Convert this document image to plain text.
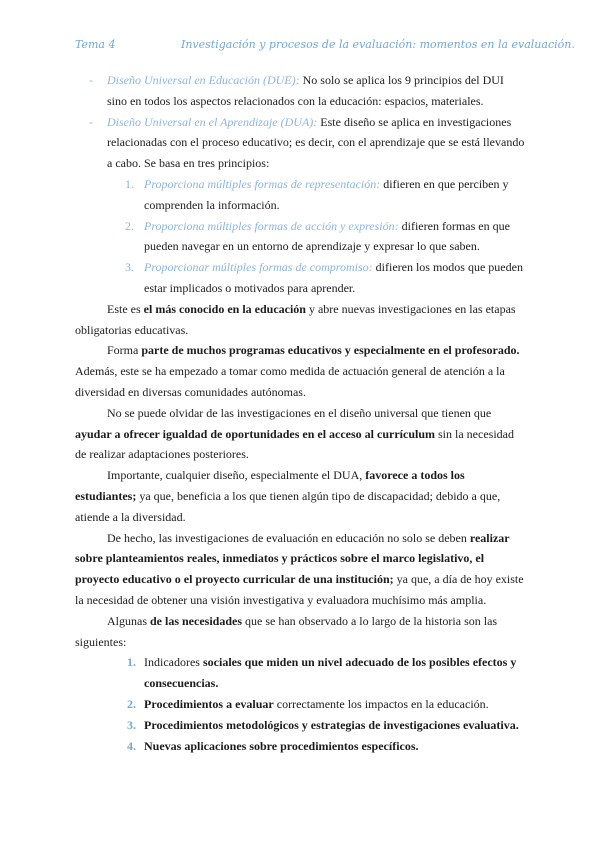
Tema 4	Investigación y procesos de la evaluación: momentos en la evaluación.

- Diseño Universal en Educación (DUE): No solo se aplica los 9 principios del DUI sino en todos los aspectos relacionados con la educación: espacios, materiales.

- Diseño Universal en el Aprendizaje (DUA): Este diseño se aplica en investigaciones relacionadas con el proceso educativo; es decir, con el aprendizaje que se está llevando a cabo. Se basa en tres principios:

1. Proporciona múltiples formas de representación: difieren en que perciben y comprenden la información.

2. Proporciona múltiples formas de acción y expresión: difieren formas en que pueden navegar en un entorno de aprendizaje y expresar lo que saben.

3. Proporcionar múltiples formas de compromiso: difieren los modos que pueden estar implicados o motivados para aprender.

Este es el más conocido en la educación y abre nuevas investigaciones en las etapas obligatorias educativas.

Forma parte de muchos programas educativos y especialmente en el profesorado. Además, este se ha empezado a tomar como medida de actuación general de atención a la diversidad en diversas comunidades autónomas.

No se puede olvidar de las investigaciones en el diseño universal que tienen que ayudar a ofrecer igualdad de oportunidades en el acceso al currículum sin la necesidad de realizar adaptaciones posteriores.

Importante, cualquier diseño, especialmente el DUA, favorece a todos los estudiantes; ya que, beneficia a los que tienen algún tipo de discapacidad; debido a que, atiende a la diversidad.

De hecho, las investigaciones de evaluación en educación no solo se deben realizar sobre planteamientos reales, inmediatos y prácticos sobre el marco legislativo, el proyecto educativo o el proyecto curricular de una institución; ya que, a día de hoy existe la necesidad de obtener una visión investigativa y evaluadora muchísimo más amplia.

Algunas de las necesidades que se han observado a lo largo de la historia son las siguientes:

1. Indicadores sociales que miden un nivel adecuado de los posibles efectos y consecuencias.

2. Procedimientos a evaluar correctamente los impactos en la educación.

3. Procedimientos metodológicos y estrategias de investigaciones evaluativa.

4. Nuevas aplicaciones sobre procedimientos específicos.
